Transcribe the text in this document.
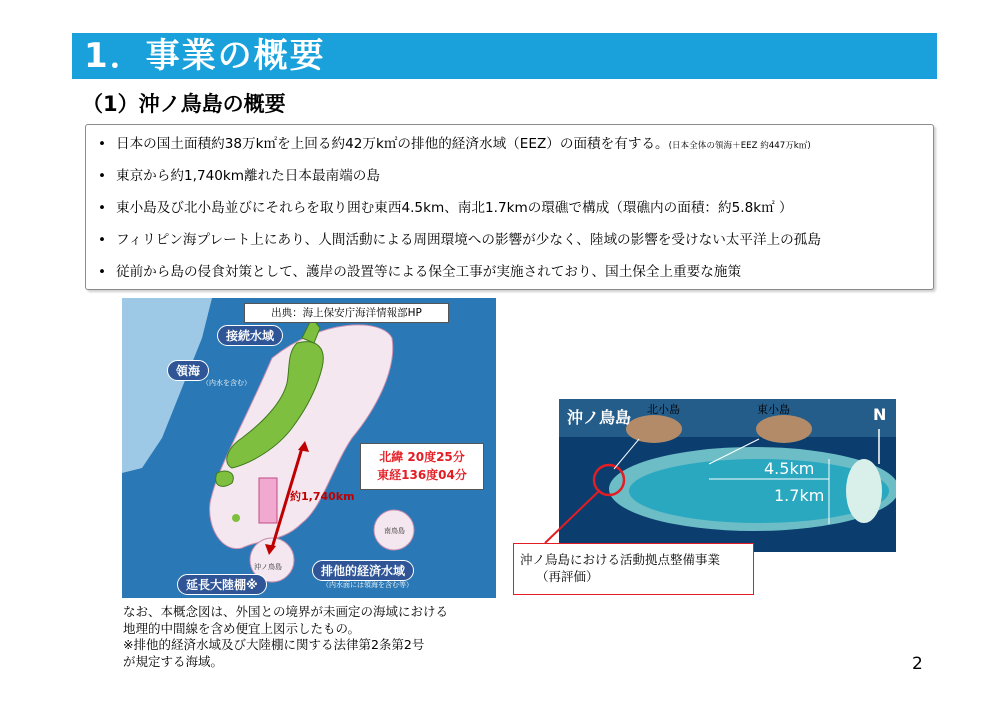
1．事業の概要
（1）沖ノ鳥島の概要
• 日本の国土面積約38万k㎡を上回る約42万k㎡の排他的経済水域（EEZ）の面積を有する。(日本全体の領海＋EEZ 約447万k㎡)
• 東京から約1,740km離れた日本最南端の島
• 東小島及び北小島並びにそれらを取り囲む東西4.5km、南北1.7kmの環礁で構成（環礁内の面積：約5.8k㎡ ）
• フィリピン海プレート上にあり、人間活動による周囲環境への影響が少なく、陸域の影響を受けない太平洋上の孤島
• 従前から島の侵食対策として、護岸の設置等による保全工事が実施されており、国土保全上重要な施策
接続水域
領海
（内水を含む）
排他的経済水域
（内水面には領海を含む等）
延長大陸棚※
約1,740km
沖ノ鳥島
南鳥島
出典：海上保安庁海洋情報部HP
北緯 20度25分
東経136度04分
沖ノ鳥島 北小島	東小島	N
4.5km
1.7km
沖ノ鳥島における活動拠点整備事業
（再評価）
なお、本概念図は、外国との境界が未画定の海域における
地理的中間線を含め便宜上図示したもの。
※排他的経済水域及び大陸棚に関する法律第2条第2号
が規定する海域。	2
